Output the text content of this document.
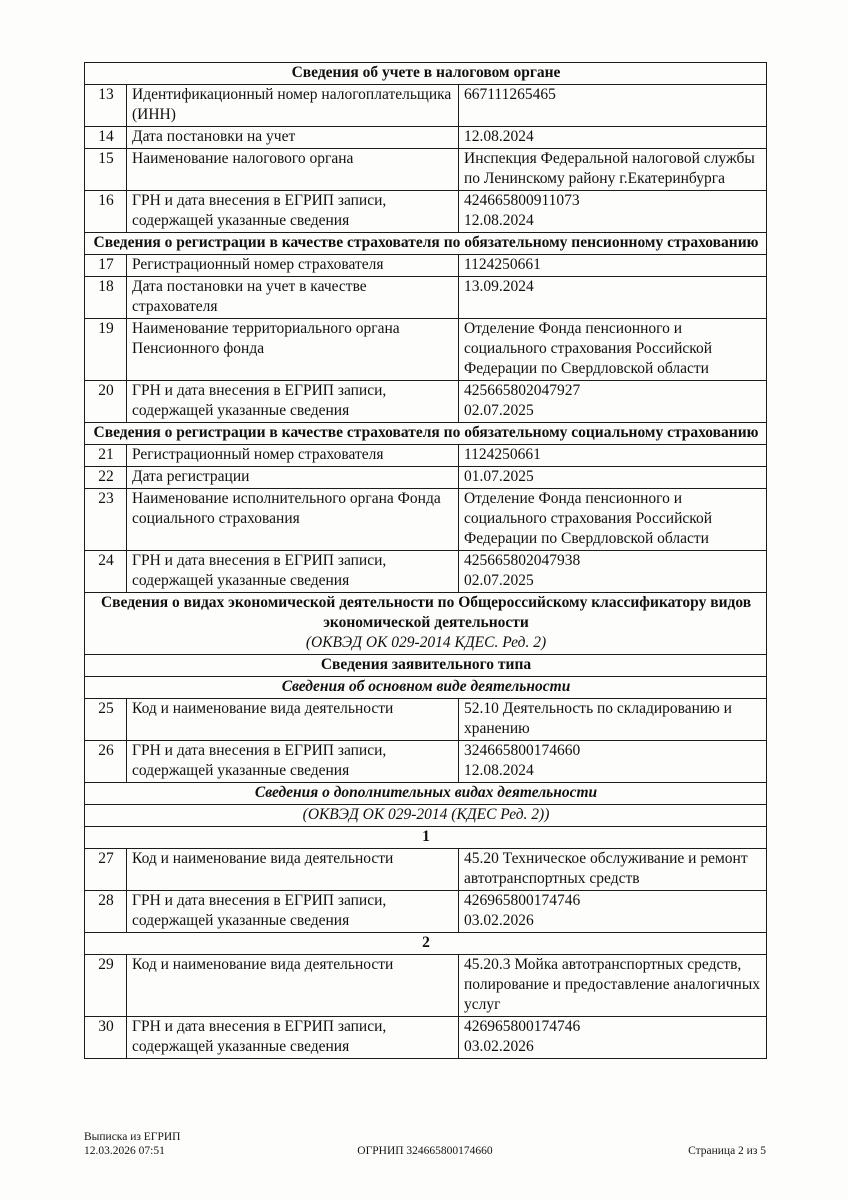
Сведения об учете в налоговом органе		

13	Идентификационный номер налогоплательщика (ИНН)	667111265465

14	Дата постановки на учет	12.08.2024

15	Наименование налогового органа	Инспекция Федеральной налоговой службы по Ленинскому району г.Екатеринбурга

16	ГРН и дата внесения в ЕГРИП записи, содержащей указанные сведения	424665800911073
12.08.2024

Сведения о регистрации в качестве страхователя по обязательному пенсионному страхованию		

17	Регистрационный номер страхователя	1124250661

18	Дата постановки на учет в качестве страхователя	13.09.2024

19	Наименование территориального органа Пенсионного фонда	Отделение Фонда пенсионного и социального страхования Российской Федерации по Свердловской области

20	ГРН и дата внесения в ЕГРИП записи, содержащей указанные сведения	425665802047927
02.07.2025

Сведения о регистрации в качестве страхователя по обязательному социальному страхованию		

21	Регистрационный номер страхователя	1124250661

22	Дата регистрации	01.07.2025

23	Наименование исполнительного органа Фонда социального страхования	Отделение Фонда пенсионного и социального страхования Российской Федерации по Свердловской области

24	ГРН и дата внесения в ЕГРИП записи, содержащей указанные сведения	425665802047938
02.07.2025

Сведения о видах экономической деятельности по Общероссийскому классификатору видов экономической деятельности
(ОКВЭД ОК 029-2014 КДЕС. Ред. 2)		

Сведения заявительного типа		

Сведения об основном виде деятельности		

25	Код и наименование вида деятельности	52.10 Деятельность по складированию и хранению

26	ГРН и дата внесения в ЕГРИП записи, содержащей указанные сведения	324665800174660
12.08.2024

Сведения о дополнительных видах деятельности		

(ОКВЭД ОК 029-2014 (КДЕС Ред. 2))		

1		

27	Код и наименование вида деятельности	45.20 Техническое обслуживание и ремонт автотранспортных средств

28	ГРН и дата внесения в ЕГРИП записи, содержащей указанные сведения	426965800174746
03.02.2026

2		

29	Код и наименование вида деятельности	45.20.3 Мойка автотранспортных средств, полирование и предоставление аналогичных услуг

30	ГРН и дата внесения в ЕГРИП записи, содержащей указанные сведения	426965800174746
03.02.2026
Выписка из ЕГРИП
12.03.2026 07:51	ОГРНИП 324665800174660	Страница 2 из 5
